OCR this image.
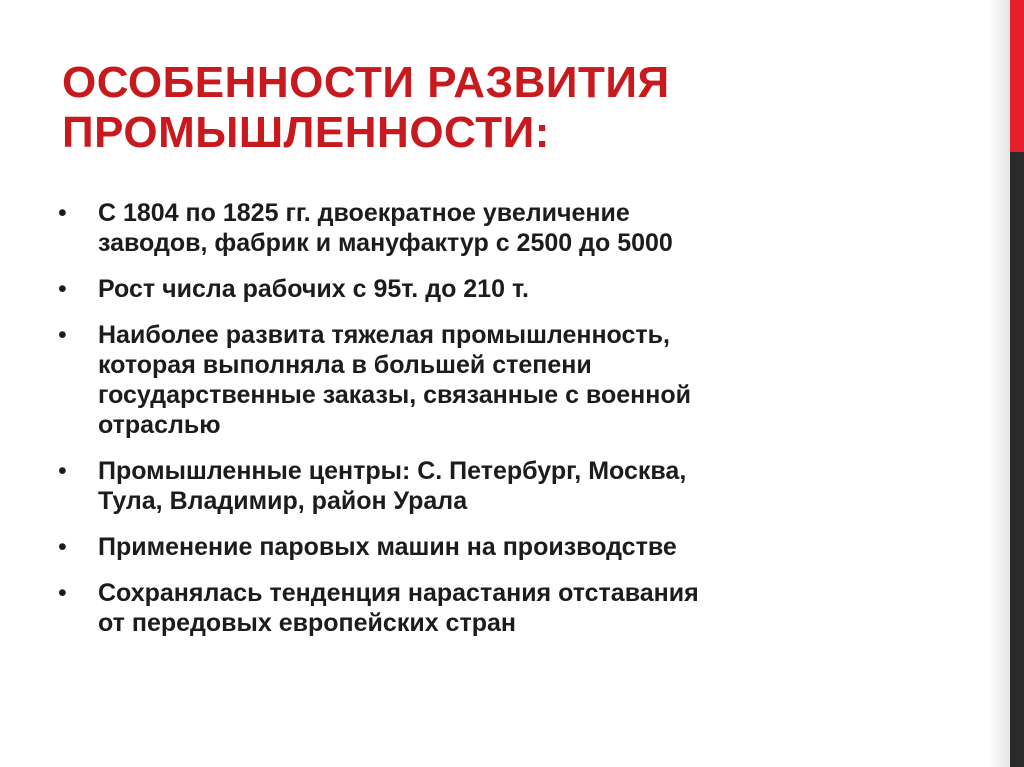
ОСОБЕННОСТИ РАЗВИТИЯ
ПРОМЫШЛЕННОСТИ:
•	С 1804 по 1825 гг. двоекратное увеличение
заводов, фабрик и мануфактур с 2500 до 5000
•	Рост числа рабочих с 95т. до 210 т.
•	Наиболее развита тяжелая промышленность,
которая выполняла в большей степени
государственные заказы, связанные с военной
отраслью
•	Промышленные центры: С. Петербург, Москва,
Тула, Владимир, район Урала
•	Применение паровых машин на производстве
•	Сохранялась тенденция нарастания отставания
от передовых европейских стран
